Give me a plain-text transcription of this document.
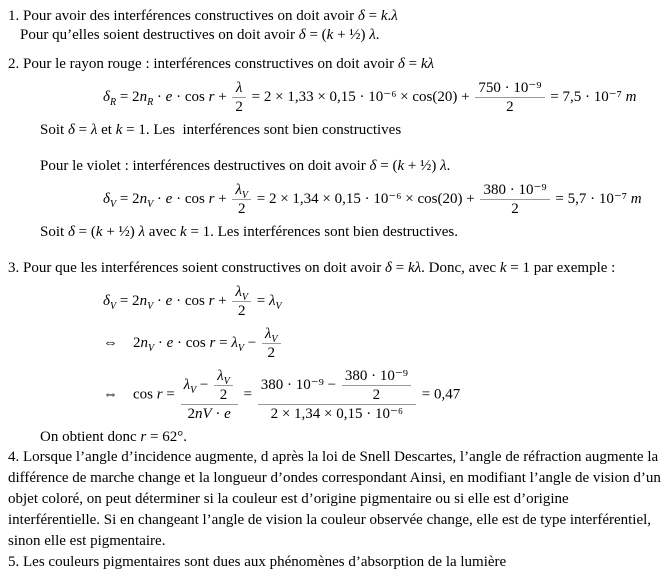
1. Pour avoir des interférences constructives on doit avoir δ = k.λ
Pour qu’elles soient destructives on doit avoir δ = (k + ½) λ.
2. Pour le rayon rouge : interférences constructives on doit avoir δ = kλ
$\delta_R = 2n_R \cdot e \cdot \cos r + \frac{\lambda}{2} = 2 \times 1,33 \times 0,15 \cdot 10^{-6} \times \cos(20) + \frac{\text{750 · 10⁻⁹}}{2} = 7,5 \cdot 10^{-7}$ m
Soit δ = λ et k = 1. Les  interférences sont bien constructives
Pour le violet : interférences destructives on doit avoir δ = (k + ½) λ.
$\delta_V = 2n_V \cdot e \cdot \cos r + \frac{\lambda_V}{2} = 2 \times 1,34 \times 0,15 \cdot 10^{-6} \times \cos(20) + \frac{\text{380 · 10⁻⁹}}{2} = 5,7 \cdot 10^{-7}$ m
Soit δ = (k + ½) λ avec k = 1. Les interférences sont bien destructives.
3. Pour que les interférences soient constructives on doit avoir δ = kλ. Donc, avec k = 1 par exemple :
$\delta_V = 2n_V \cdot e \cdot \cos r + \frac{\lambda_V}{2} = \lambda_V$
⇔    $2n_V \cdot e \cdot \cos r = \lambda_V - \frac{\lambda_V}{2}$
⇔    $\cos r = \frac{\lambda_V - \frac{\lambda_V}{2}}{2nV \cdot e} = \frac{380 \cdot 10^{-9} - \frac{\text{380 · 10⁻⁹}}{2}}{\text{2 × 1,34 × 0,15 · 10⁻⁶}} = 0,47$
On obtient donc r = 62°.

4. Lorsque l’angle d’incidence augmente, d après la loi de Snell Descartes, l’angle de réfraction augmente la différence de marche change et la longueur d’ondes correspondant Ainsi, en modifiant l’angle de vision d’un objet coloré, on peut déterminer si la couleur est d’origine pigmentaire ou si elle est d’origine interférentielle. Si en changeant l’angle de vision la couleur observée change, elle est de type interférentiel, sinon elle est pigmentaire.

5. Les couleurs pigmentaires sont dues aux phénomènes d’absorption de la lumière
